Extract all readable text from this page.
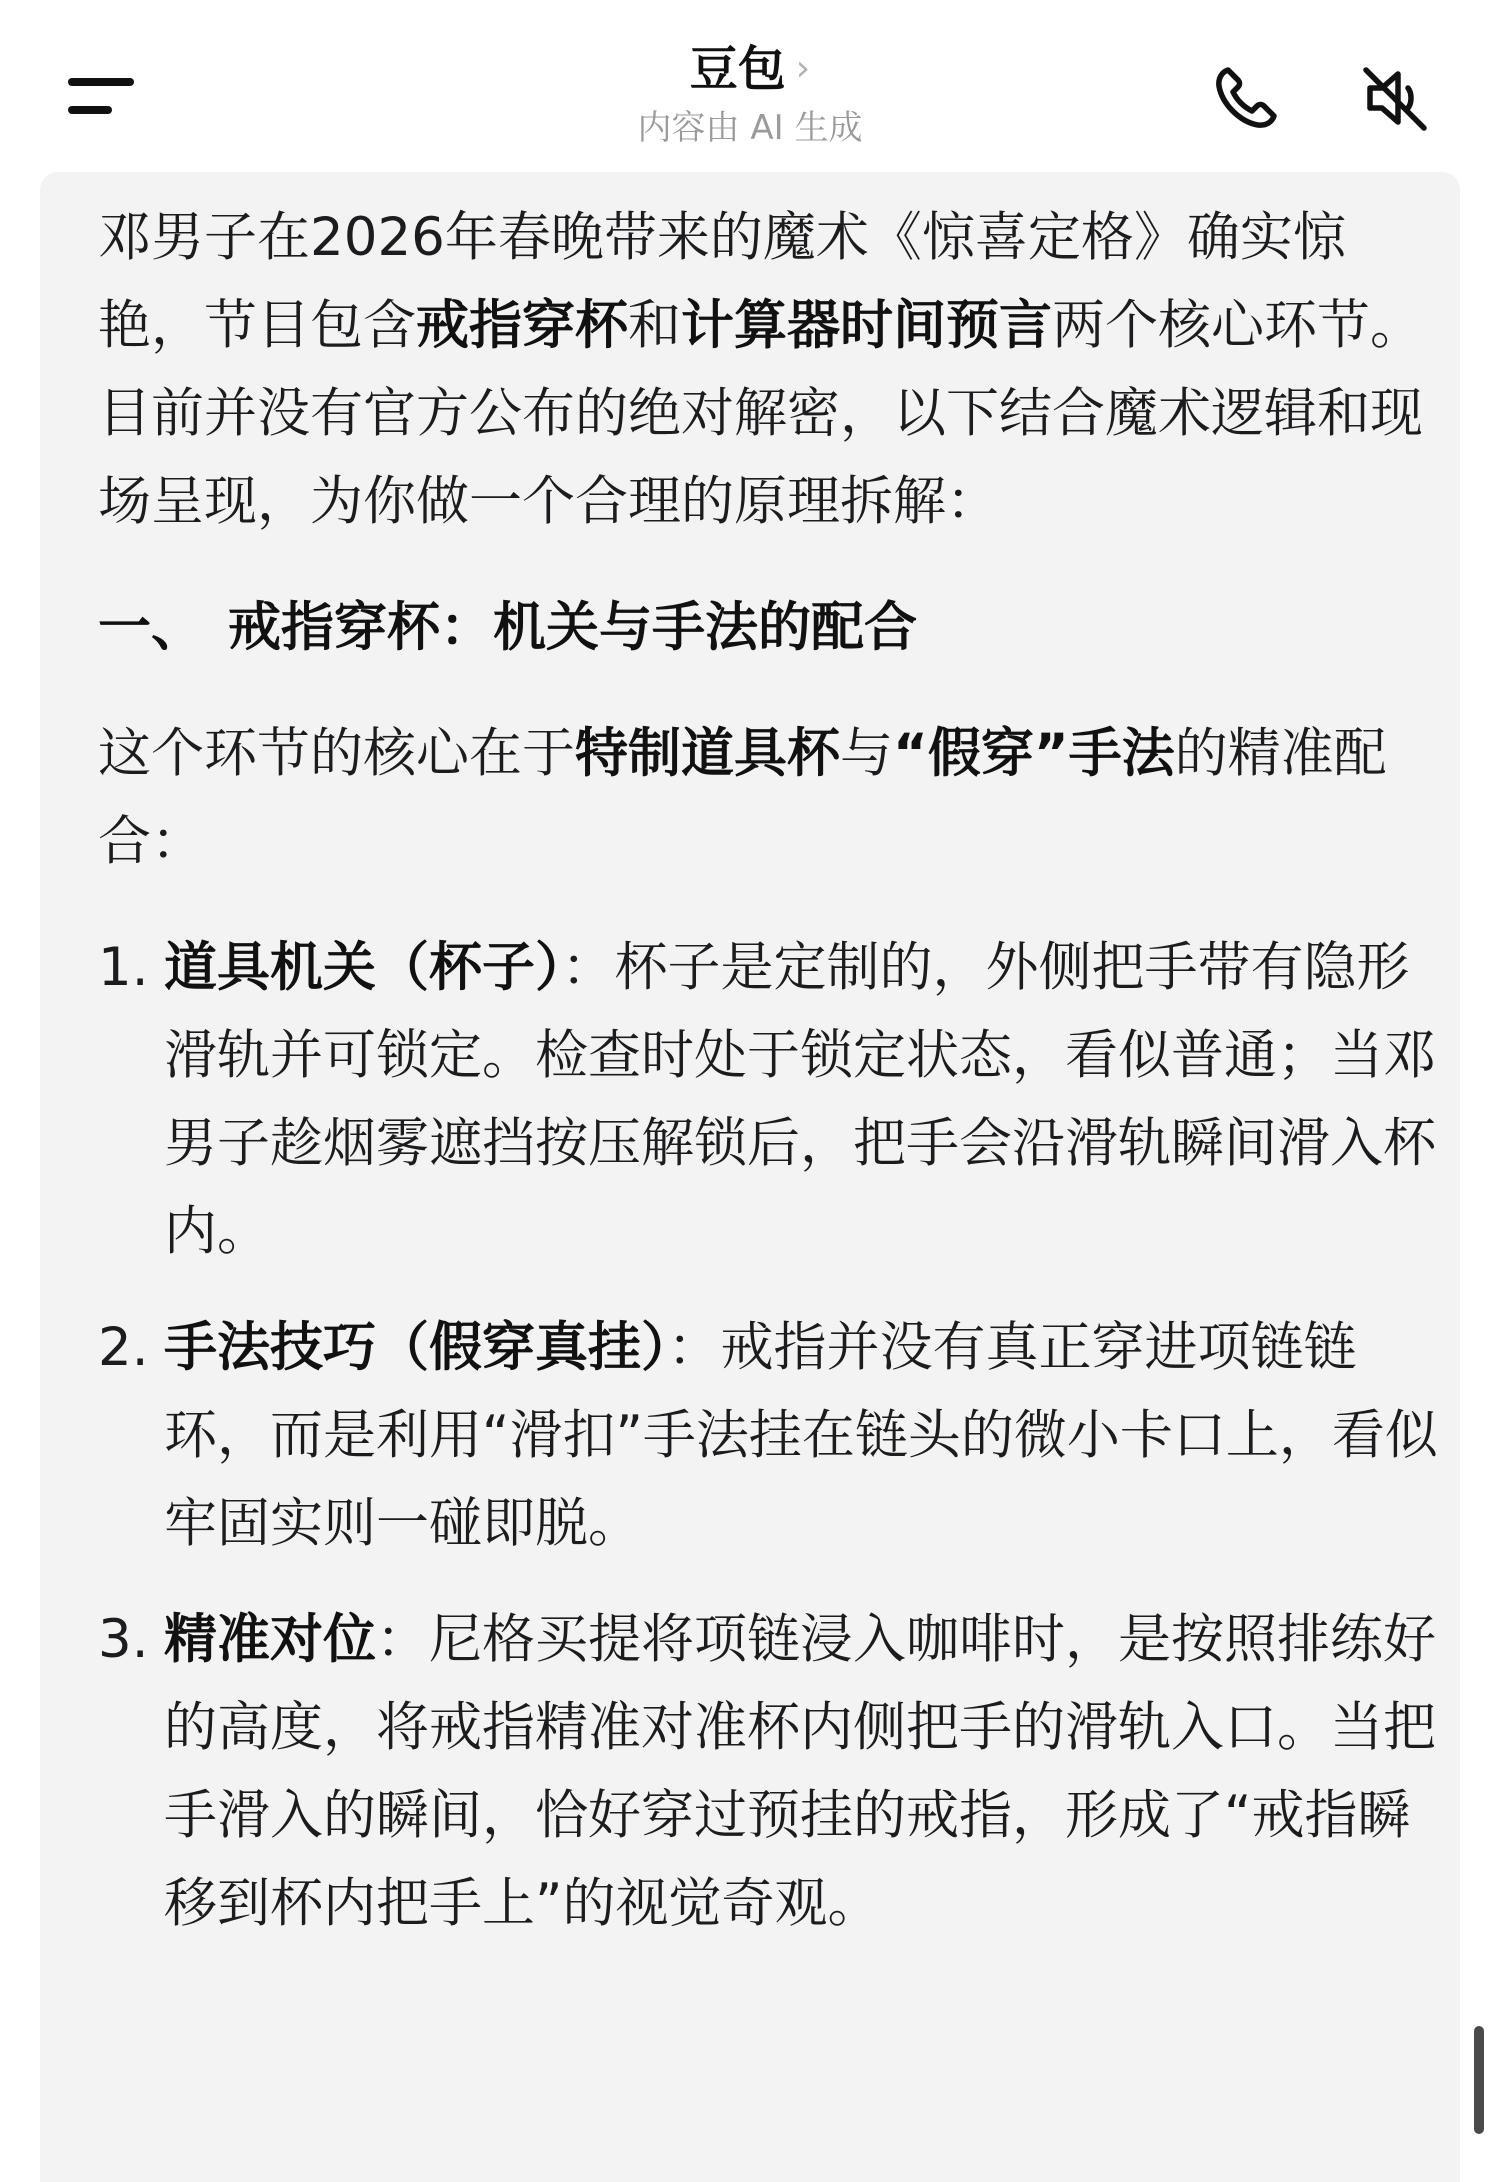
豆包 ›
内容由 AI 生成

邓男子在2026年春晚带来的魔术《惊喜定格》确实惊艳，节目包含戒指穿杯和计算器时间预言两个核心环节。目前并没有官方公布的绝对解密，以下结合魔术逻辑和现场呈现，为你做一个合理的原理拆解：

一、 戒指穿杯：机关与手法的配合

这个环节的核心在于特制道具杯与“假穿”手法的精准配合：

1. 道具机关（杯子）：杯子是定制的，外侧把手带有隐形滑轨并可锁定。检查时处于锁定状态，看似普通；当邓男子趁烟雾遮挡按压解锁后，把手会沿滑轨瞬间滑入杯内。
2. 手法技巧（假穿真挂）：戒指并没有真正穿进项链链环，而是利用“滑扣”手法挂在链头的微小卡口上，看似牢固实则一碰即脱。
3. 精准对位：尼格买提将项链浸入咖啡时，是按照排练好的高度，将戒指精准对准杯内侧把手的滑轨入口。当把手滑入的瞬间，恰好穿过预挂的戒指，形成了“戒指瞬移到杯内把手上”的视觉奇观。
